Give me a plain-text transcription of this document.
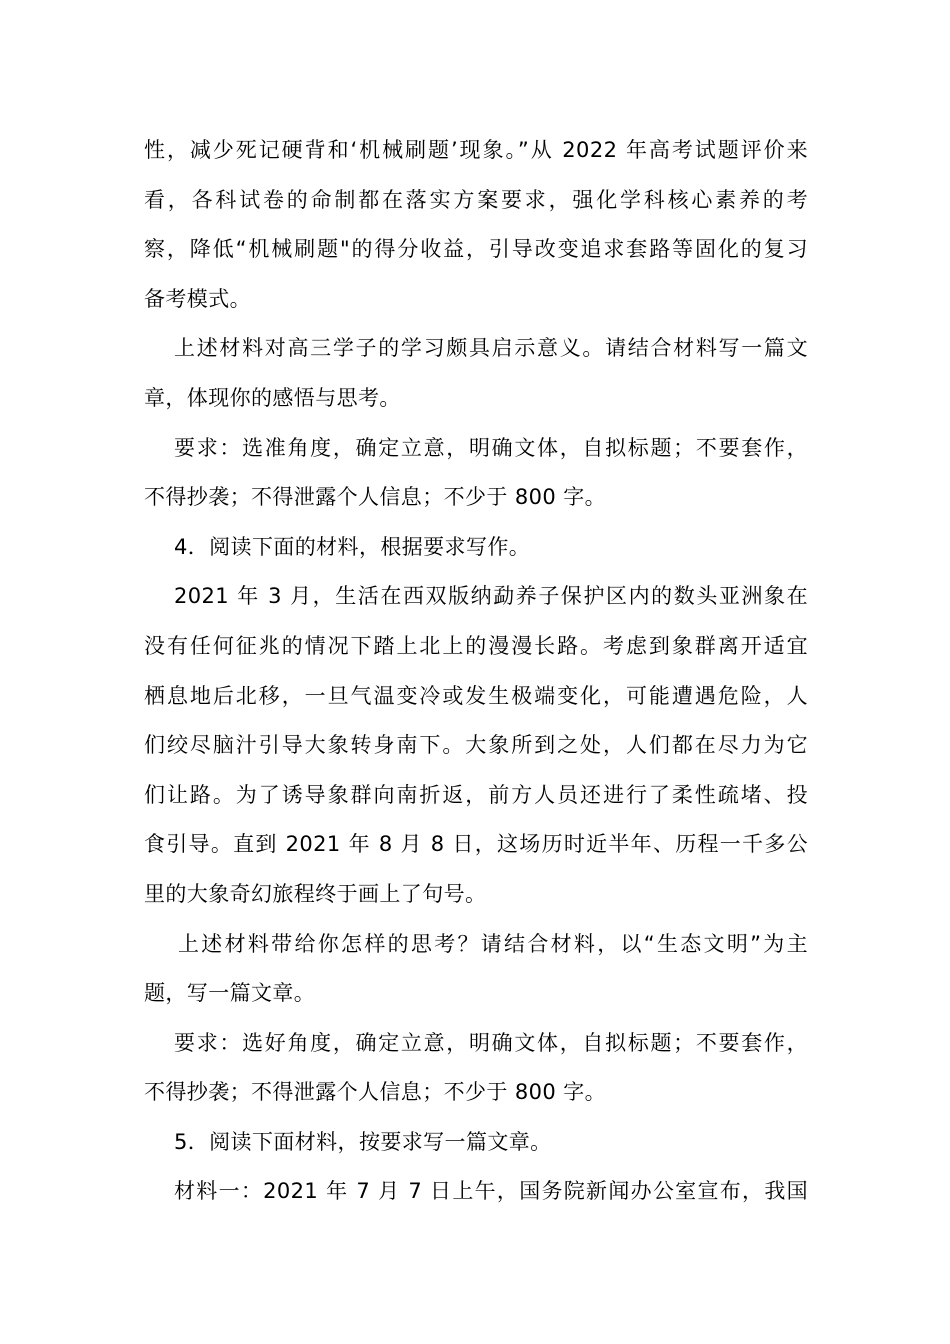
性，减少死记硬背和‘机械刷题’现象。”从 2022 年高考试题评价来
看，各科试卷的命制都在落实方案要求，强化学科核心素养的考
察，降低“机械刷题"的得分收益，引导改变追求套路等固化的复习
备考模式。
上述材料对高三学子的学习颇具启示意义。请结合材料写一篇文
章，体现你的感悟与思考。
要求：选准角度，确定立意，明确文体，自拟标题；不要套作，
不得抄袭；不得泄露个人信息；不少于 800 字。
4．阅读下面的材料，根据要求写作。
2021 年 3 月，生活在西双版纳勐养子保护区内的数头亚洲象在
没有任何征兆的情况下踏上北上的漫漫长路。考虑到象群离开适宜
栖息地后北移，一旦气温变冷或发生极端变化，可能遭遇危险，人
们绞尽脑汁引导大象转身南下。大象所到之处，人们都在尽力为它
们让路。为了诱导象群向南折返，前方人员还进行了柔性疏堵、投
食引导。直到 2021 年 8 月 8 日，这场历时近半年、历程一千多公
里的大象奇幻旅程终于画上了句号。
上述材料带给你怎样的思考？请结合材料，以“生态文明”为主
题，写一篇文章。
要求：选好角度，确定立意，明确文体，自拟标题；不要套作，
不得抄袭；不得泄露个人信息；不少于 800 字。
5．阅读下面材料，按要求写一篇文章。
材料一：2021 年 7 月 7 日上午，国务院新闻办公室宣布，我国
